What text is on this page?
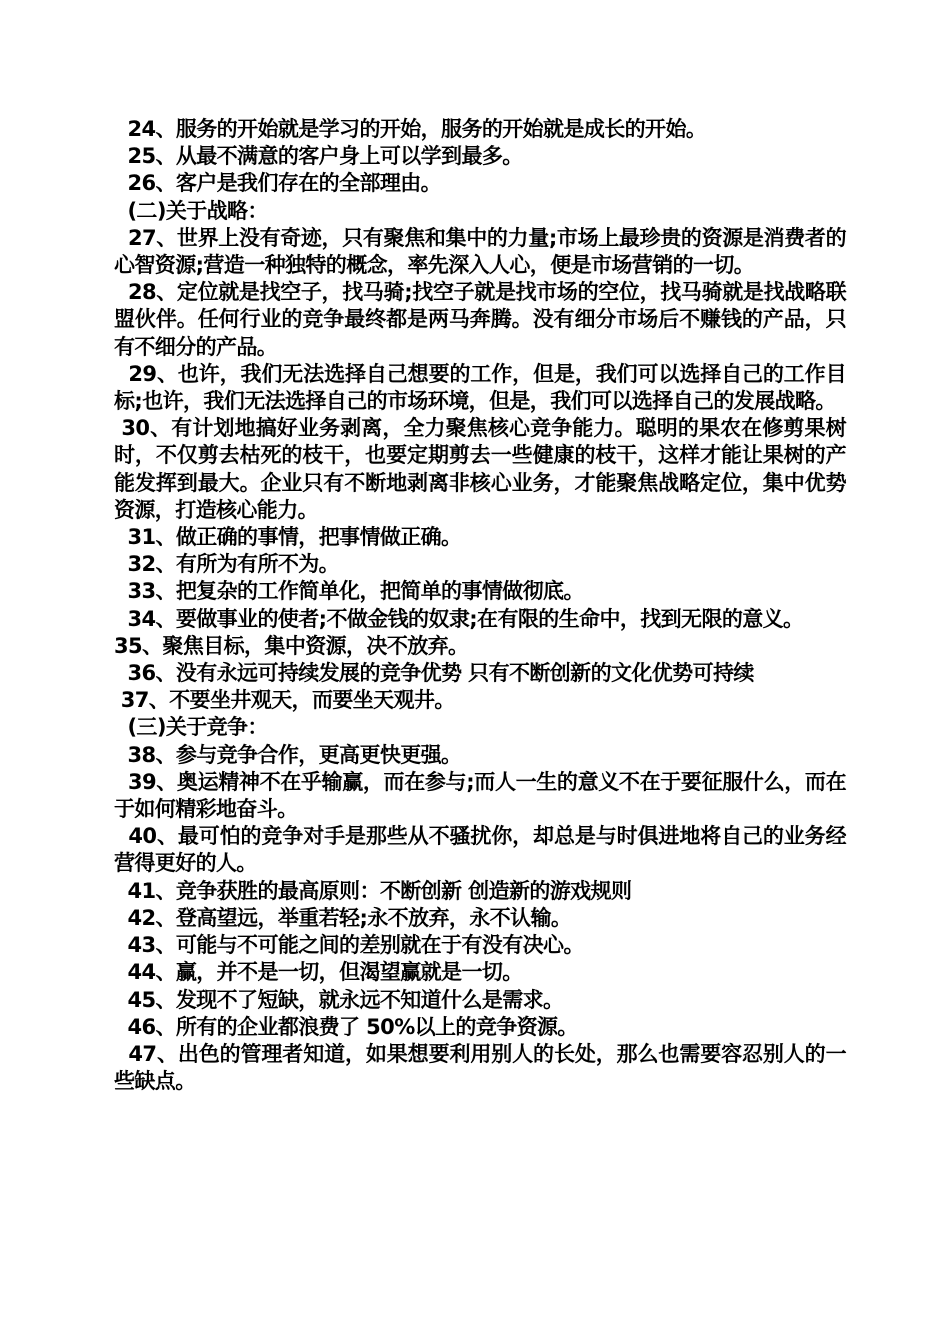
24、服务的开始就是学习的开始，服务的开始就是成长的开始。

25、从最不满意的客户身上可以学到最多。

26、客户是我们存在的全部理由。

(二)关于战略：

27、世界上没有奇迹，只有聚焦和集中的力量;市场上最珍贵的资源是消费者的心智资源;营造一种独特的概念，率先深入人心，便是市场营销的一切。

28、定位就是找空子，找马骑;找空子就是找市场的空位，找马骑就是找战略联盟伙伴。任何行业的竞争最终都是两马奔腾。没有细分市场后不赚钱的产品，只有不细分的产品。

29、也许，我们无法选择自己想要的工作，但是，我们可以选择自己的工作目标;也许，我们无法选择自己的市场环境，但是，我们可以选择自己的发展战略。

30、有计划地搞好业务剥离，全力聚焦核心竞争能力。聪明的果农在修剪果树时，不仅剪去枯死的枝干，也要定期剪去一些健康的枝干，这样才能让果树的产能发挥到最大。企业只有不断地剥离非核心业务，才能聚焦战略定位，集中优势资源，打造核心能力。

31、做正确的事情，把事情做正确。

32、有所为有所不为。

33、把复杂的工作简单化，把简单的事情做彻底。

34、要做事业的使者;不做金钱的奴隶;在有限的生命中，找到无限的意义。

35、聚焦目标，集中资源，决不放弃。

36、没有永远可持续发展的竞争优势 只有不断创新的文化优势可持续

37、不要坐井观天，而要坐天观井。

(三)关于竞争：

38、参与竞争合作，更高更快更强。

39、奥运精神不在乎输赢，而在参与;而人一生的意义不在于要征服什么，而在于如何精彩地奋斗。

40、最可怕的竞争对手是那些从不骚扰你，却总是与时俱进地将自己的业务经营得更好的人。

41、竞争获胜的最高原则：不断创新 创造新的游戏规则

42、登高望远，举重若轻;永不放弃，永不认输。

43、可能与不可能之间的差别就在于有没有决心。

44、赢，并不是一切，但渴望赢就是一切。

45、发现不了短缺，就永远不知道什么是需求。

46、所有的企业都浪费了 50%以上的竞争资源。

47、出色的管理者知道，如果想要利用别人的长处，那么也需要容忍别人的一些缺点。
